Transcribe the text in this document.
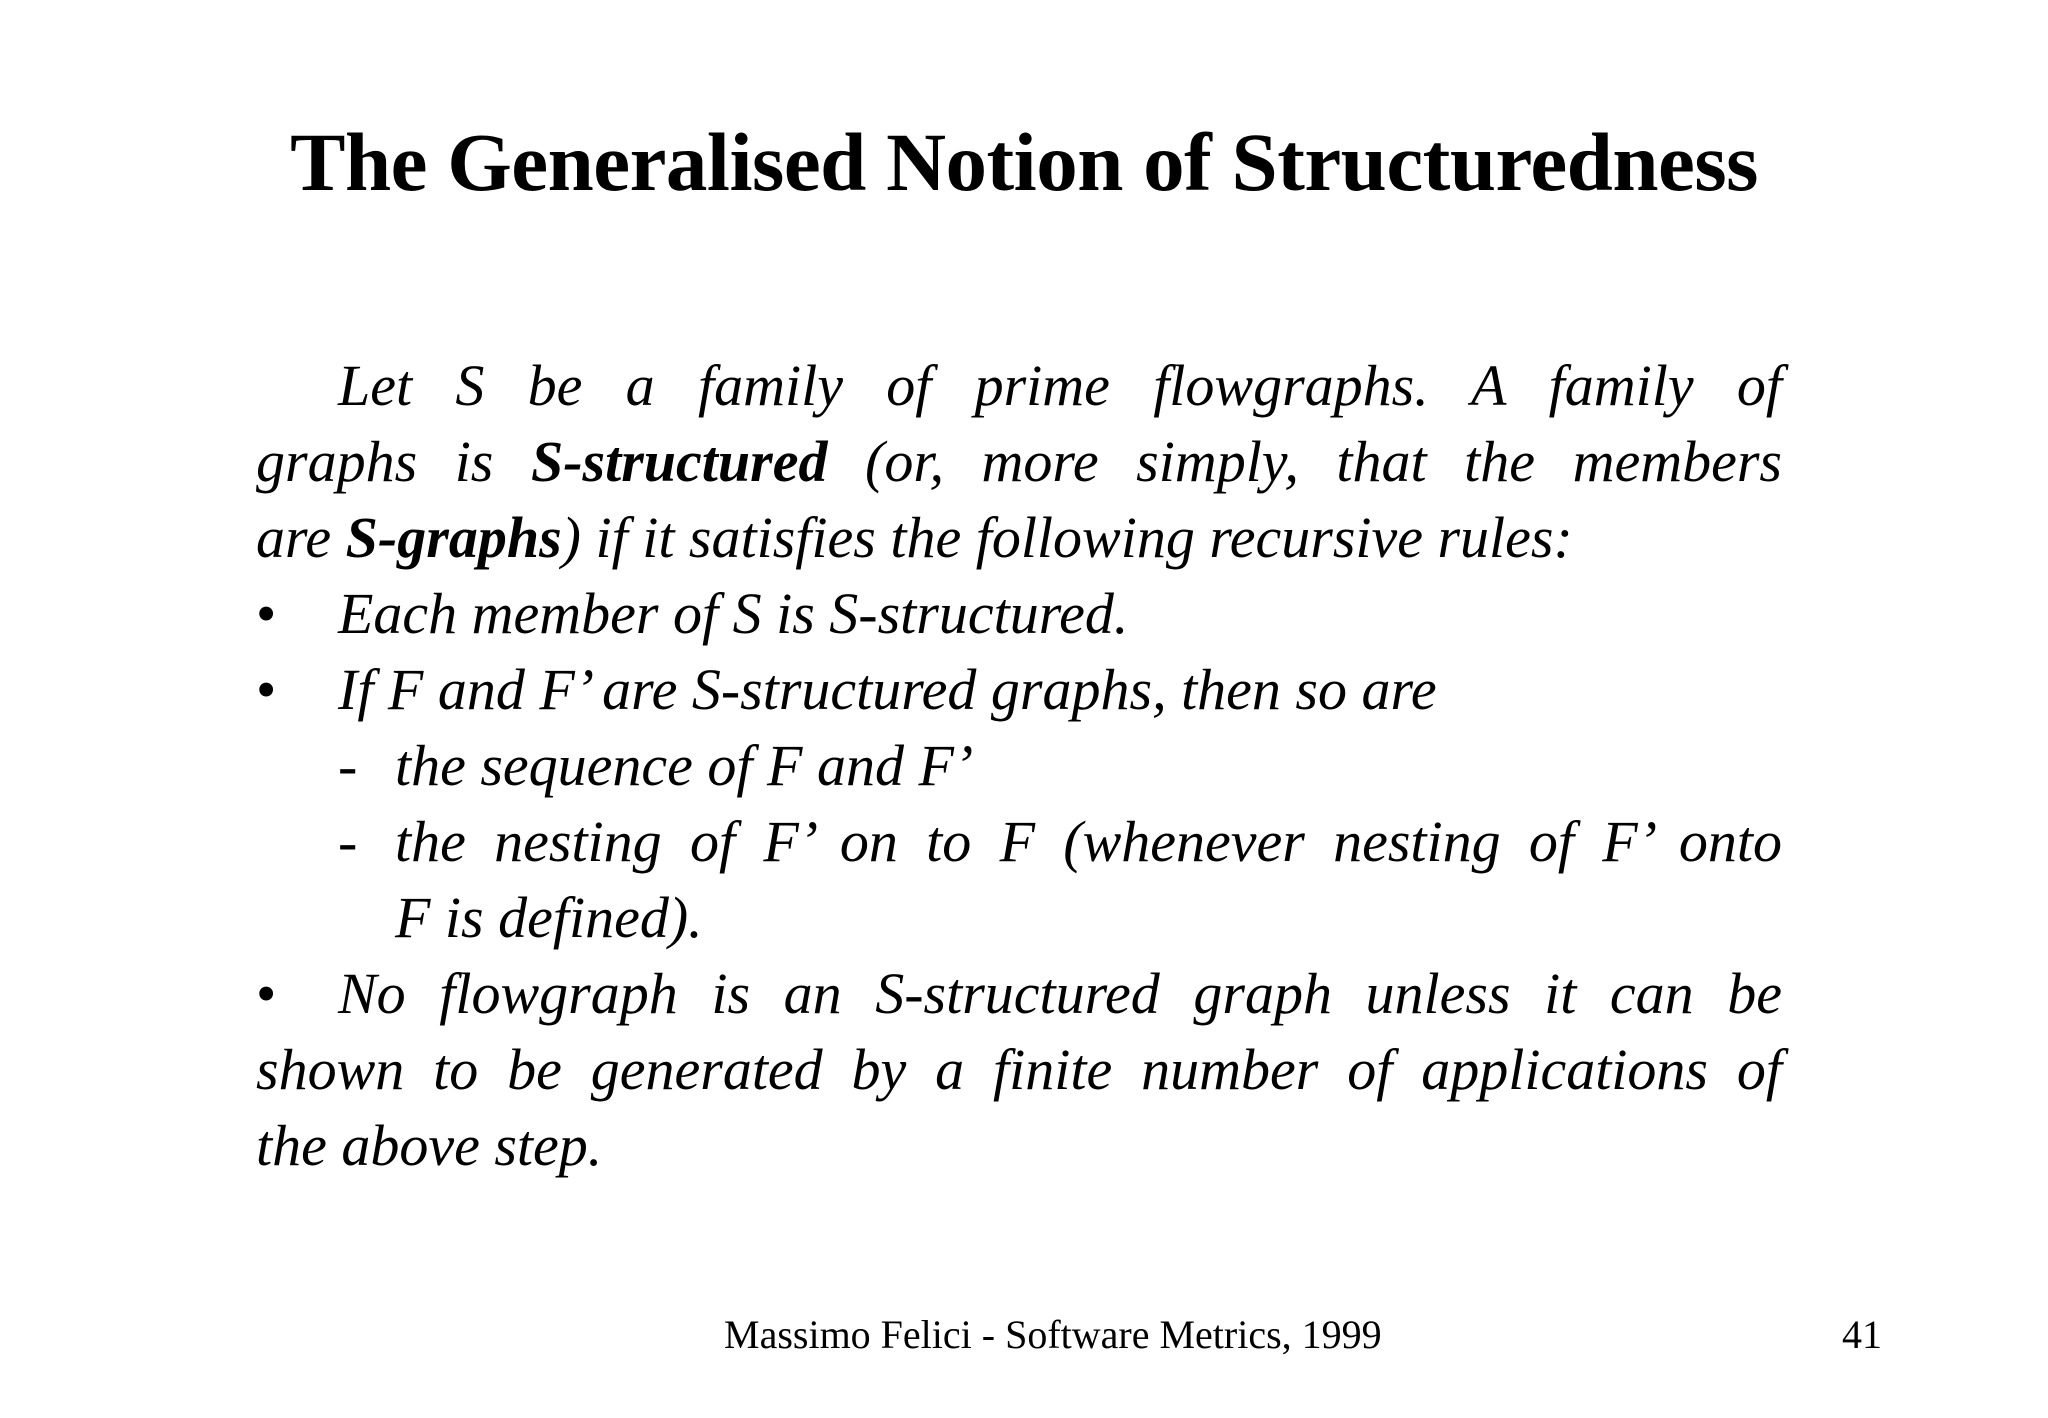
The Generalised Notion of Structuredness
Let S be a family of prime flowgraphs. A family of
graphs is S-structured (or, more simply, that the members
are S-graphs) if it satisfies the following recursive rules:
• Each member of S is S-structured.
• If F and F’ are S-structured graphs, then so are
- the sequence of F and F’
- the nesting of F’ on to F (whenever nesting of F’ onto
F is defined).
• No flowgraph is an S-structured graph unless it can be
shown to be generated by a finite number of applications of
the above step.
Massimo Felici - Software Metrics, 1999	41
